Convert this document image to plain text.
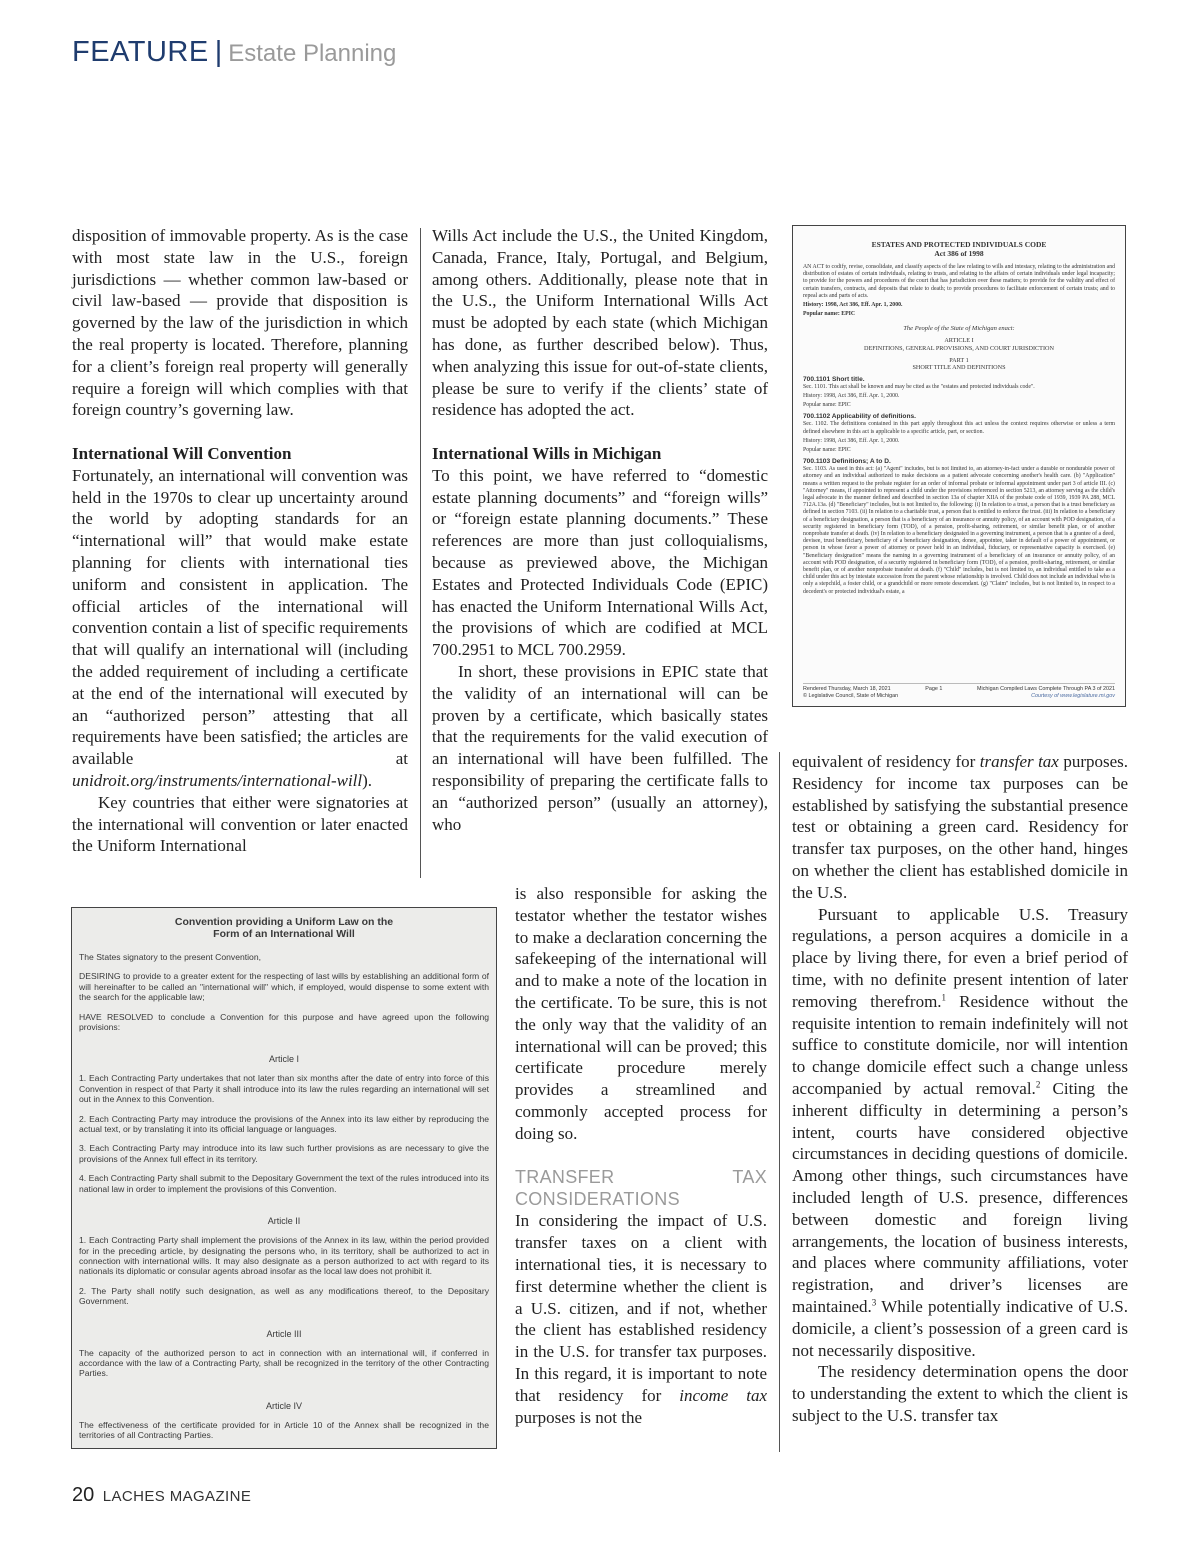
FEATURE | Estate Planning

disposition of immovable property. As is the case with most state law in the U.S., foreign jurisdictions — whether common law-based or civil law-based — provide that disposition is governed by the law of the jurisdiction in which the real property is located. Therefore, planning for a client’s foreign real property will generally require a foreign will which complies with that foreign country’s governing law.

International Will Convention

Fortunately, an international will convention was held in the 1970s to clear up uncertainty around the world by adopting standards for an “international will” that would make estate planning for clients with international ties uniform and consistent in application. The official articles of the international will convention contain a list of specific requirements that will qualify an international will (including the added requirement of including a certificate at the end of the international will executed by an “authorized person” attesting that all requirements have been satisfied; the articles are available at unidroit.org/instruments/international-will).

Key countries that either were signatories at the international will convention or later enacted the Uniform International

Wills Act include the U.S., the United Kingdom, Canada, France, Italy, Portugal, and Belgium, among others. Additionally, please note that in the U.S., the Uniform International Wills Act must be adopted by each state (which Michigan has done, as further described below). Thus, when analyzing this issue for out-of-state clients, please be sure to verify if the clients’ state of residence has adopted the act.

International Wills in Michigan

To this point, we have referred to “domestic estate planning documents” and “foreign wills” or “foreign estate planning documents.” These references are more than just colloquialisms, because as previewed above, the Michigan Estates and Protected Individuals Code (EPIC) has enacted the Uniform International Wills Act, the provisions of which are codified at MCL 700.2951 to MCL 700.2959.

In short, these provisions in EPIC state that the validity of an international will can be proven by a certificate, which basically states that the requirements for the valid execution of an international will have been fulfilled. The responsibility of preparing the certificate falls to an “authorized person” (usually an attorney), who

is also responsible for asking the testator whether the testator wishes to make a declaration concerning the safekeeping of the international will and to make a note of the location in the certificate. To be sure, this is not the only way that the validity of an international will can be proved; this certificate procedure merely provides a streamlined and commonly accepted process for doing so.

TRANSFER TAX CONSIDERATIONS

In considering the impact of U.S. transfer taxes on a client with international ties, it is necessary to first determine whether the client is a U.S. citizen, and if not, whether the client has established residency in the U.S. for transfer tax purposes. In this regard, it is important to note that residency for income tax purposes is not the

equivalent of residency for transfer tax purposes. Residency for income tax purposes can be established by satisfying the substantial presence test or obtaining a green card. Residency for transfer tax purposes, on the other hand, hinges on whether the client has established domicile in the U.S.

Pursuant to applicable U.S. Treasury regulations, a person acquires a domicile in a place by living there, for even a brief period of time, with no definite present intention of later removing therefrom.$^1$ Residence without the requisite intention to remain indefinitely will not suffice to constitute domicile, nor will intention to change domicile effect such a change unless accompanied by actual removal.$^2$ Citing the inherent difficulty in determining a person’s intent, courts have considered objective circumstances in deciding questions of domicile. Among other things, such circumstances have included length of U.S. presence, differences between domestic and foreign living arrangements, the location of business interests, and places where community affiliations, voter registration, and driver’s licenses are maintained.$^3$ While potentially indicative of U.S. domicile, a client’s possession of a green card is not necessarily dispositive.

The residency determination opens the door to understanding the extent to which the client is subject to the U.S. transfer tax

ESTATES AND PROTECTED INDIVIDUALS CODE
Act 386 of 1998

AN ACT to codify, revise, consolidate, and classify aspects of the law relating to wills and intestacy, relating to the administration and distribution of estates of certain individuals, relating to trusts, and relating to the affairs of certain individuals under legal incapacity; to provide for the powers and procedures of the court that has jurisdiction over these matters; to provide for the validity and effect of certain transfers, contracts, and deposits that relate to death; to provide procedures to facilitate enforcement of certain trusts; and to repeal acts and parts of acts.

History: 1998, Act 386, Eff. Apr. 1, 2000.

Popular name: EPIC

The People of the State of Michigan enact:
ARTICLE I
DEFINITIONS, GENERAL PROVISIONS, AND COURT JURISDICTION
PART 1
SHORT TITLE AND DEFINITIONS
700.1101 Short title.

Sec. 1101. This act shall be known and may be cited as the "estates and protected individuals code".

History: 1998, Act 386, Eff. Apr. 1, 2000.

Popular name: EPIC

700.1102 Applicability of definitions.

Sec. 1102. The definitions contained in this part apply throughout this act unless the context requires otherwise or unless a term defined elsewhere in this act is applicable to a specific article, part, or section.

History: 1998, Act 386, Eff. Apr. 1, 2000.

Popular name: EPIC

700.1103 Definitions; A to D.

Sec. 1103. As used in this act: (a) "Agent" includes, but is not limited to, an attorney-in-fact under a durable or nondurable power of attorney and an individual authorized to make decisions as a patient advocate concerning another's health care. (b) "Application" means a written request to the probate register for an order of informal probate or informal appointment under part 3 of article III. (c) "Attorney" means, if appointed to represent a child under the provisions referenced in section 5213, an attorney serving as the child's legal advocate in the manner defined and described in section 13a of chapter XIIA of the probate code of 1939, 1939 PA 288, MCL 712A.13a. (d) "Beneficiary" includes, but is not limited to, the following: (i) In relation to a trust, a person that is a trust beneficiary as defined in section 7103. (ii) In relation to a charitable trust, a person that is entitled to enforce the trust. (iii) In relation to a beneficiary of a beneficiary designation, a person that is a beneficiary of an insurance or annuity policy, of an account with POD designation, of a security registered in beneficiary form (TOD), of a pension, profit-sharing, retirement, or similar benefit plan, or of another nonprobate transfer at death. (iv) In relation to a beneficiary designated in a governing instrument, a person that is a grantee of a deed, devisee, trust beneficiary, beneficiary of a beneficiary designation, donee, appointee, taker in default of a power of appointment, or person in whose favor a power of attorney or power held in an individual, fiduciary, or representative capacity is exercised. (e) "Beneficiary designation" means the naming in a governing instrument of a beneficiary of an insurance or annuity policy, of an account with POD designation, of a security registered in beneficiary form (TOD), of a pension, profit-sharing, retirement, or similar benefit plan, or of another nonprobate transfer at death. (f) "Child" includes, but is not limited to, an individual entitled to take as a child under this act by intestate succession from the parent whose relationship is involved. Child does not include an individual who is only a stepchild, a foster child, or a grandchild or more remote descendant. (g) "Claim" includes, but is not limited to, in respect to a decedent's or protected individual's estate, a

Rendered Thursday, March 18, 2021	Page 1	Michigan Compiled Laws Complete Through PA 3 of 2021
© Legislative Council, State of Michigan	Courtesy of www.legislature.mi.gov
Convention providing a Uniform Law on the Form of an International Will

The States signatory to the present Convention,

DESIRING to provide to a greater extent for the respecting of last wills by establishing an additional form of will hereinafter to be called an "international will" which, if employed, would dispense to some extent with the search for the applicable law;

HAVE RESOLVED to conclude a Convention for this purpose and have agreed upon the following provisions:

Article I

1. Each Contracting Party undertakes that not later than six months after the date of entry into force of this Convention in respect of that Party it shall introduce into its law the rules regarding an international will set out in the Annex to this Convention.

2. Each Contracting Party may introduce the provisions of the Annex into its law either by reproducing the actual text, or by translating it into its official language or languages.

3. Each Contracting Party may introduce into its law such further provisions as are necessary to give the provisions of the Annex full effect in its territory.

4. Each Contracting Party shall submit to the Depositary Government the text of the rules introduced into its national law in order to implement the provisions of this Convention.

Article II

1. Each Contracting Party shall implement the provisions of the Annex in its law, within the period provided for in the preceding article, by designating the persons who, in its territory, shall be authorized to act in connection with international wills. It may also designate as a person authorized to act with regard to its nationals its diplomatic or consular agents abroad insofar as the local law does not prohibit it.

2. The Party shall notify such designation, as well as any modifications thereof, to the Depositary Government.

Article III

The capacity of the authorized person to act in connection with an international will, if conferred in accordance with the law of a Contracting Party, shall be recognized in the territory of the other Contracting Parties.

Article IV

The effectiveness of the certificate provided for in Article 10 of the Annex shall be recognized in the territories of all Contracting Parties.

20 LACHES MAGAZINE
